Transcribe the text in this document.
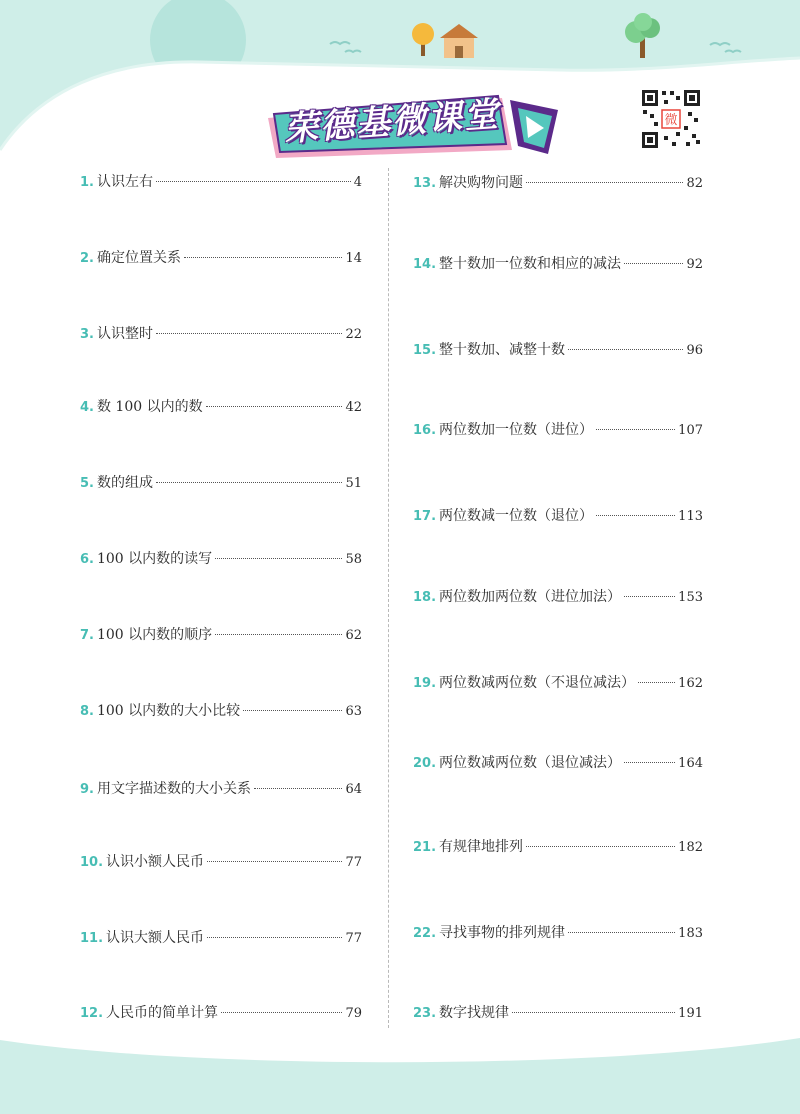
荣德基微课堂	微
1. 认识左右	4
2. 确定位置关系	14
3. 认识整时	22
4. 数 100 以内的数	42
5. 数的组成	51
6. 100 以内数的读写	58
7. 100 以内数的顺序	62
8. 100 以内数的大小比较	63
9. 用文字描述数的大小关系	64
10. 认识小额人民币	77
11. 认识大额人民币	77
12. 人民币的简单计算	79
13. 解决购物问题	82
14. 整十数加一位数和相应的减法	92
15. 整十数加、减整十数	96
16. 两位数加一位数（进位）	107
17. 两位数减一位数（退位）	113
18. 两位数加两位数（进位加法）	153
19. 两位数减两位数（不退位减法）	162
20. 两位数减两位数（退位减法）	164
21. 有规律地排列	182
22. 寻找事物的排列规律	183
23. 数字找规律	191
